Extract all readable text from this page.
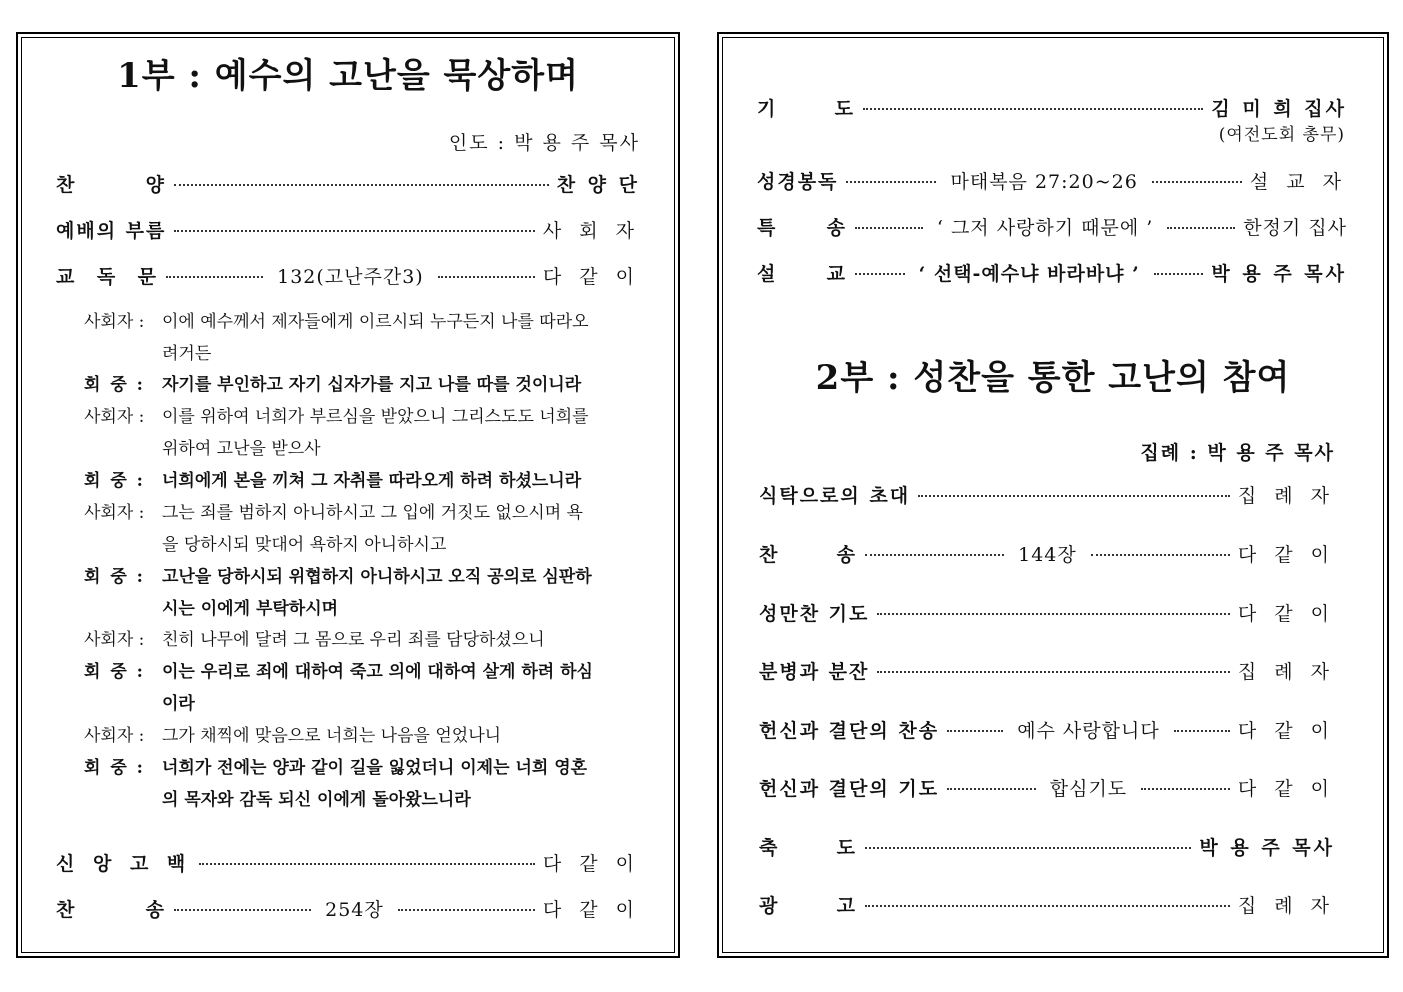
1부 : 예수의 고난을 묵상하며
인도 : 박 용 주 목사
찬	양	찬 양 단
예배의 부름	사 회 자
교 독 문	132(고난주간3)	다 같 이
사회자 :	이에 예수께서 제자들에게 이르시되 누구든지 나를 따라오
려거든
회 중 :	자기를 부인하고 자기 십자가를 지고 나를 따를 것이니라
사회자 :	이를 위하여 너희가 부르심을 받았으니 그리스도도 너희를
위하여 고난을 받으사
회 중 :	너희에게 본을 끼쳐 그 자취를 따라오게 하려 하셨느니라
사회자 :	그는 죄를 범하지 아니하시고 그 입에 거짓도 없으시며 욕
을 당하시되 맞대어 욕하지 아니하시고
회 중 :	고난을 당하시되 위협하지 아니하시고 오직 공의로 심판하
시는 이에게 부탁하시며
사회자 :	친히 나무에 달려 그 몸으로 우리 죄를 담당하셨으니
회 중 :	이는 우리로 죄에 대하여 죽고 의에 대하여 살게 하려 하심
이라
사회자 :	그가 채찍에 맞음으로 너희는 나음을 얻었나니
회 중 :	너희가 전에는 양과 같이 길을 잃었더니 이제는 너희 영혼
의 목자와 감독 되신 이에게 돌아왔느니라
신 앙 고 백	다 같 이
찬	송	254장	다 같 이
기	도	김 미 희 집사
(여전도회 총무)
성경봉독	마태복음 27:20~26	설 교 자
특	송	‘ 그저 사랑하기 때문에 ’	한정기 집사
설	교	‘ 선택-예수냐 바라바냐 ’	박 용 주 목사
2부 : 성찬을 통한 고난의 참여
집례 : 박 용 주 목사
식탁으로의 초대	집 례 자
찬	송	144장	다 같 이
성만찬 기도	다 같 이
분병과 분잔	집 례 자
헌신과 결단의 찬송	예수 사랑합니다	다 같 이
헌신과 결단의 기도	합심기도	다 같 이
축	도	박 용 주 목사
광	고	집 례 자
